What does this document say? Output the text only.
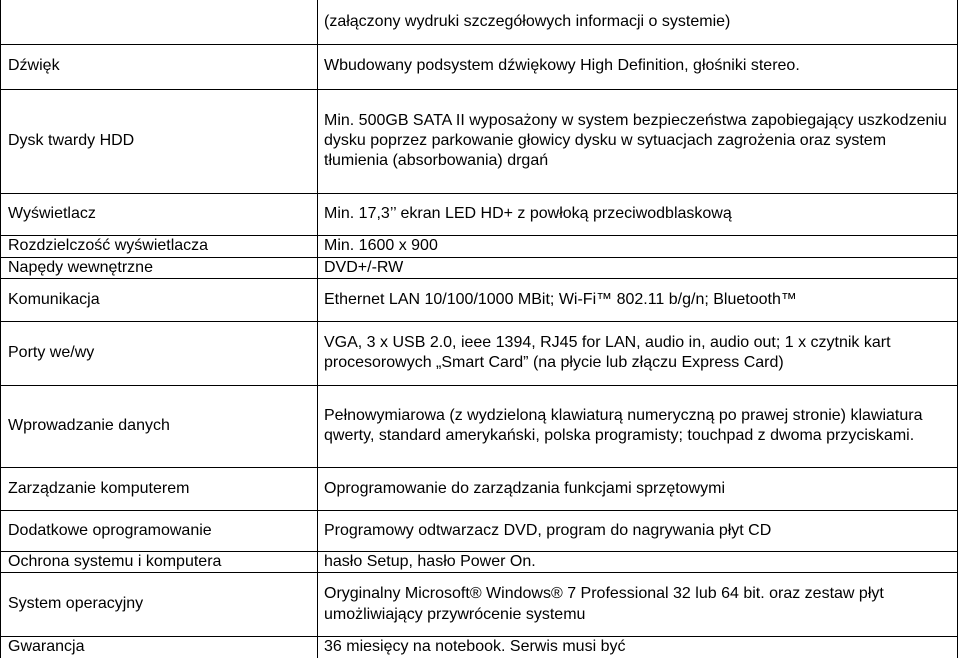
	(załączony wydruki szczegółowych informacji o systemie)
Dźwięk	Wbudowany podsystem dźwiękowy High Definition, głośniki stereo.
Dysk twardy HDD	Min. 500GB SATA II wyposażony w system bezpieczeństwa zapobiegający uszkodzeniu dysku poprzez parkowanie głowicy dysku w sytuacjach zagrożenia oraz system tłumienia (absorbowania) drgań
Wyświetlacz	Min. 17,3’’ ekran LED HD+ z powłoką przeciwodblaskową
Rozdzielczość wyświetlacza	Min. 1600 x 900
Napędy wewnętrzne	DVD+/-RW
Komunikacja	Ethernet LAN 10/100/1000 MBit; Wi-Fi™ 802.11 b/g/n; Bluetooth™
Porty we/wy	VGA, 3 x USB 2.0, ieee 1394, RJ45 for LAN, audio in, audio out; 1 x czytnik kart procesorowych „Smart Card” (na płycie lub złączu Express Card)
Wprowadzanie danych	Pełnowymiarowa (z wydzieloną klawiaturą numeryczną po prawej stronie) klawiatura qwerty, standard amerykański, polska programisty; touchpad z dwoma przyciskami.
Zarządzanie komputerem	Oprogramowanie do zarządzania funkcjami sprzętowymi
Dodatkowe oprogramowanie	Programowy odtwarzacz DVD, program do nagrywania płyt CD
Ochrona systemu i komputera	hasło Setup, hasło Power On.
System operacyjny	Oryginalny Microsoft® Windows® 7 Professional 32 lub 64 bit. oraz zestaw płyt umożliwiający przywrócenie systemu
Gwarancja	36 miesięcy na notebook. Serwis musi być
